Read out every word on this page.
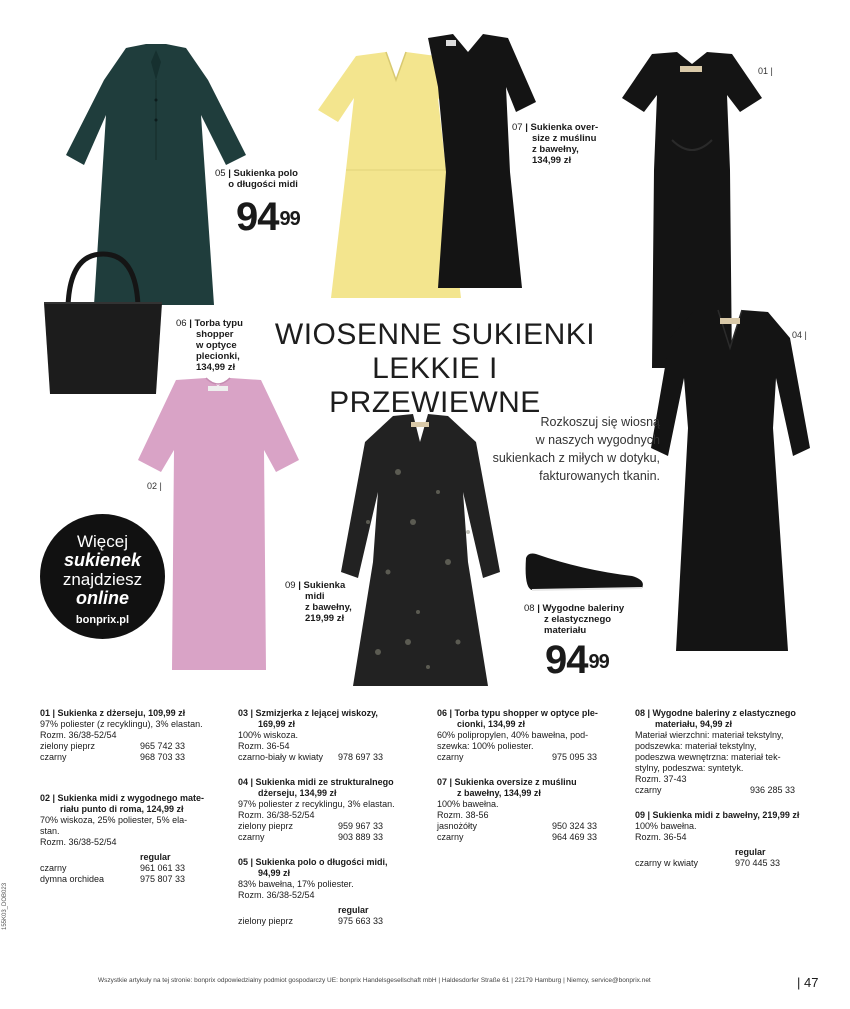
05 | Sukienka polo
o długości midi
$94^{99}$
07 | Sukienka over-
size z muślinu
z bawełny,
134,99 zł
01 |
04 |
02 |
06 | Torba typu
shopper
w optyce
plecionki,
134,99 zł
09 | Sukienka
midi
z bawełny,
219,99 zł
08 | Wygodne baleriny
z elastycznego
materiału
$94^{99}$
WIOSENNE SUKIENKI
LEKKIE I PRZEWIEWNE
Rozkoszuj się wiosną
w naszych wygodnych
sukienkach z miłych w dotyku,
fakturowanych tkanin.
Więcej
sukienek
znajdziesz
online
bonprix.pl
01 | Sukienka z dżerseju, 109,99 zł
97% poliester (z recyklingu), 3% elastan.
Rozm. 36/38-52/54
zielony pieprz	965 742 33
czarny	968 703 33
02 | Sukienka midi z wygodnego mate-
riału punto di roma, 124,99 zł
70% wiskoza, 25% poliester, 5% ela-
stan.
Rozm. 36/38-52/54
regular
czarny	961 061 33
dymna orchidea	975 807 33
03 | Szmizjerka z lejącej wiskozy,
169,99 zł
100% wiskoza.
Rozm. 36-54
czarno-biały w kwiaty	978 697 33
04 | Sukienka midi ze strukturalnego
dżerseju, 134,99 zł
97% poliester z recyklingu, 3% elastan.
Rozm. 36/38-52/54
zielony pieprz	959 967 33
czarny	903 889 33
05 | Sukienka polo o długości midi,
94,99 zł
83% bawełna, 17% poliester.
Rozm. 36/38-52/54
regular
zielony pieprz	975 663 33
06 | Torba typu shopper w optyce ple-
cionki, 134,99 zł
60% polipropylen, 40% bawełna, pod-
szewka: 100% poliester.
czarny	975 095 33
07 | Sukienka oversize z muślinu
z bawełny, 134,99 zł
100% bawełna.
Rozm. 38-56
jasnożółty	950 324 33
czarny	964 469 33
08 | Wygodne baleriny z elastycznego
materiału, 94,99 zł
Materiał wierzchni: materiał tekstylny,
podszewka: materiał tekstylny,
podeszwa wewnętrzna: materiał tek-
stylny, podeszwa: syntetyk.
Rozm. 37-43
czarny	936 285 33
09 | Sukienka midi z bawełny, 219,99 zł
100% bawełna.
Rozm. 36-54
regular
czarny w kwiaty	970 445 33
Wszystkie artykuły na tej stronie: bonprix odpowiedzialny podmiot gospodarczy UE: bonprix Handelsgesellschaft mbH | Haldesdorfer Straße 61 | 22179 Hamburg | Niemcy, service@bonprix.net	| 47
155K03_DOB023
